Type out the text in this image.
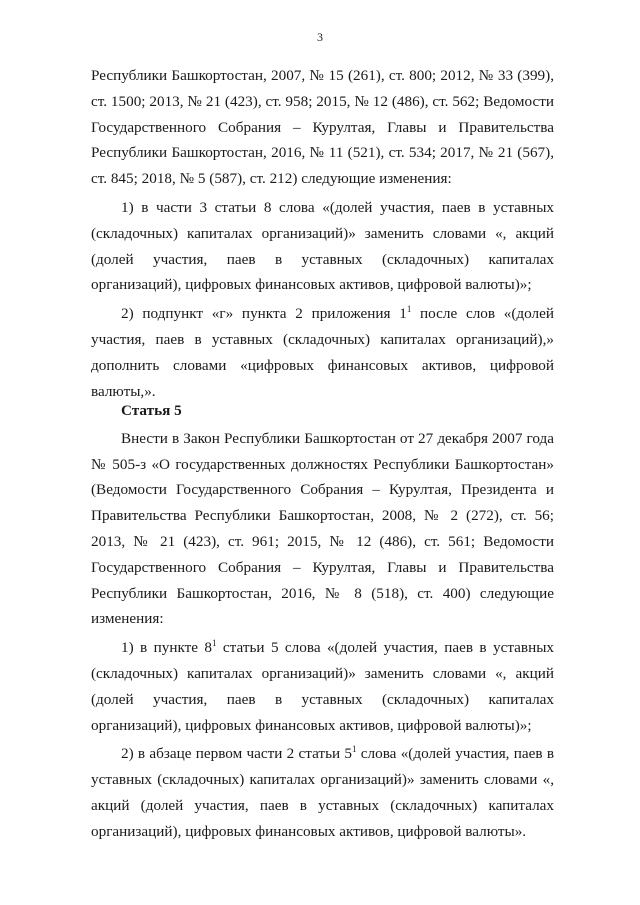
3

Республики Башкортостан, 2007, № 15 (261), ст. 800; 2012, № 33 (399), ст. 1500; 2013, № 21 (423), ст. 958; 2015, № 12 (486), ст. 562; Ведомости Государственного Собрания – Курултая, Главы и Правительства Республики Башкортостан, 2016, № 11 (521), ст. 534; 2017, № 21 (567), ст. 845; 2018, № 5 (587), ст. 212) следующие изменения:

1) в части 3 статьи 8 слова «(долей участия, паев в уставных (складочных) капиталах организаций)» заменить словами «, акций (долей участия, паев в уставных (складочных) капиталах организаций), цифровых финансовых активов, цифровой валюты)»;

2) подпункт «г» пункта 2 приложения $1^1$ после слов «(долей участия, паев в уставных (складочных) капиталах организаций),» дополнить словами «цифровых финансовых активов, цифровой валюты,».

Статья 5

Внести в Закон Республики Башкортостан от 27 декабря 2007 года № 505-з «О государственных должностях Республики Башкортостан» (Ведомости Государственного Собрания – Курултая, Президента и Правительства Республики Башкортостан, 2008, № 2 (272), ст. 56; 2013, № 21 (423), ст. 961; 2015, № 12 (486), ст. 561; Ведомости Государственного Собрания – Курултая, Главы и Правительства Республики Башкортостан, 2016, № 8 (518), ст. 400) следующие изменения:

1) в пункте $8^1$ статьи 5 слова «(долей участия, паев в уставных (складочных) капиталах организаций)» заменить словами «, акций (долей участия, паев в уставных (складочных) капиталах организаций), цифровых финансовых активов, цифровой валюты)»;

2) в абзаце первом части 2 статьи $5^1$ слова «(долей участия, паев в уставных (складочных) капиталах организаций)» заменить словами «, акций (долей участия, паев в уставных (складочных) капиталах организаций), цифровых финансовых активов, цифровой валюты».
